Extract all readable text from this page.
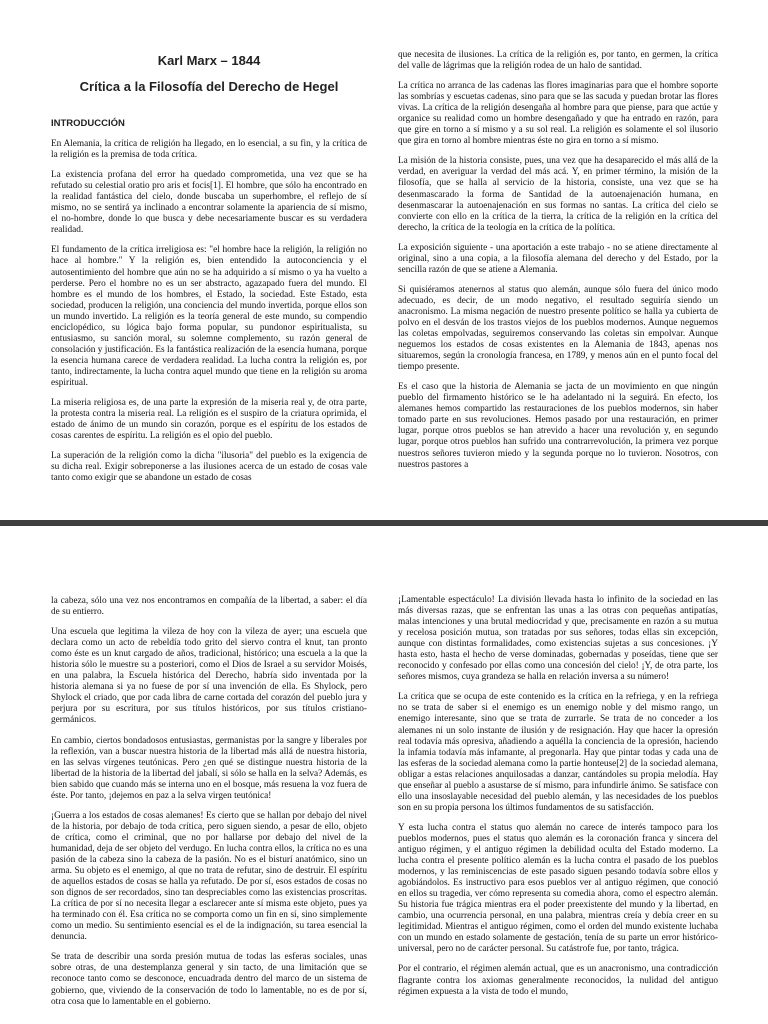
Karl Marx – 1844
Crítica a la Filosofía del Derecho de Hegel
INTRODUCCIÓN

En Alemania, la crítica de religión ha llegado, en lo esencial, a su fin, y la crítica de la religión es la premisa de toda crítica.

La existencia profana del error ha quedado comprometida, una vez que se ha refutado su celestial oratio pro aris et focis[1]. El hombre, que sólo ha encontrado en la realidad fantástica del cielo, donde buscaba un superhombre, el reflejo de sí mismo, no se sentirá ya inclinado a encontrar solamente la apariencia de sí mismo, el no-hombre, donde lo que busca y debe necesariamente buscar es su verdadera realidad.

El fundamento de la crítica irreligiosa es: "el hombre hace la religión, la religión no hace al hombre." Y la religión es, bien entendido la autoconciencia y el autosentimiento del hombre que aún no se ha adquirido a sí mismo o ya ha vuelto a perderse. Pero el hombre no es un ser abstracto, agazapado fuera del mundo. El hombre es el mundo de los hombres, el Estado, la sociedad. Este Estado, esta sociedad, producen la religión, una conciencia del mundo invertida, porque ellos son un mundo invertido. La religión es la teoría general de este mundo, su compendio enciclopédico, su lógica bajo forma popular, su pundonor espiritualista, su entusiasmo, su sanción moral, su solemne complemento, su razón general de consolación y justificación. Es la fantástica realización de la esencia humana, porque la esencia humana carece de verdadera realidad. La lucha contra la religión es, por tanto, indirectamente, la lucha contra aquel mundo que tiene en la religión su aroma espiritual.

La miseria religiosa es, de una parte la expresión de la miseria real y, de otra parte, la protesta contra la miseria real. La religión es el suspiro de la criatura oprimida, el estado de ánimo de un mundo sin corazón, porque es el espíritu de los estados de cosas carentes de espíritu. La religión es el opio del pueblo.

La superación de la religión como la dicha "ilusoria" del pueblo es la exigencia de su dicha real. Exigir sobreponerse a las ilusiones acerca de un estado de cosas vale tanto como exigir que se abandone un estado de cosas

que necesita de ilusiones. La crítica de la religión es, por tanto, en germen, la crítica del valle de lágrimas que la religión rodea de un halo de santidad.

La crítica no arranca de las cadenas las flores imaginarias para que el hombre soporte las sombrías y escuetas cadenas, sino para que se las sacuda y puedan brotar las flores vivas. La crítica de la religión desengaña al hombre para que piense, para que actúe y organice su realidad como un hombre desengañado y que ha entrado en razón, para que gire en torno a sí mismo y a su sol real. La religión es solamente el sol ilusorio que gira en torno al hombre mientras éste no gira en torno a sí mismo.

La misión de la historia consiste, pues, una vez que ha desaparecido el más allá de la verdad, en averiguar la verdad del más acá. Y, en primer término, la misión de la filosofía, que se halla al servicio de la historia, consiste, una vez que se ha desenmascarado la forma de Santidad de la autoenajenación humana, en desenmascarar la autoenajenación en sus formas no santas. La crítica del cielo se convierte con ello en la crítica de la tierra, la crítica de la religión en la crítica del derecho, la crítica de la teología en la crítica de la política.

La exposición siguiente - una aportación a este trabajo - no se atiene directamente al original, sino a una copia, a la filosofía alemana del derecho y del Estado, por la sencilla razón de que se atiene a Alemania.

Si quisiéramos atenernos al status quo alemán, aunque sólo fuera del único modo adecuado, es decir, de un modo negativo, el resultado seguiría siendo un anacronismo. La misma negación de nuestro presente político se halla ya cubierta de polvo en el desván de los trastos viejos de los pueblos modernos. Aunque neguemos las coletas empolvadas, seguiremos conservando las coletas sin empolvar. Aunque neguemos los estados de cosas existentes en la Alemania de 1843, apenas nos situaremos, según la cronología francesa, en 1789, y menos aún en el punto focal del tiempo presente.

Es el caso que la historia de Alemania se jacta de un movimiento en que ningún pueblo del firmamento histórico se le ha adelantado ni la seguirá. En efecto, los alemanes hemos compartido las restauraciones de los pueblos modernos, sin haber tomado parte en sus revoluciones. Hemos pasado por una restauración, en primer lugar, porque otros pueblos se han atrevido a hacer una revolución y, en segundo lugar, porque otros pueblos han sufrido una contrarrevolución, la primera vez porque nuestros señores tuvieron miedo y la segunda porque no lo tuvieron. Nosotros, con nuestros pastores a

la cabeza, sólo una vez nos encontramos en compañía de la libertad, a saber: el día de su entierro.

Una escuela que legitima la vileza de hoy con la vileza de ayer; una escuela que declara como un acto de rebeldía todo grito del siervo contra el knut, tan pronto como éste es un knut cargado de años, tradicional, histórico; una escuela a la que la historia sólo le muestre su a posteriori, como el Dios de Israel a su servidor Moisés, en una palabra, la Escuela histórica del Derecho, habría sido inventada por la historia alemana si ya no fuese de por sí una invención de ella. Es Shylock, pero Shylock el criado, que por cada libra de carne cortada del corazón del pueblo jura y perjura por su escritura, por sus títulos históricos, por sus títulos cristiano-germánicos.

En cambio, ciertos bondadosos entusiastas, germanistas por la sangre y liberales por la reflexión, van a buscar nuestra historia de la libertad más allá de nuestra historia, en las selvas vírgenes teutónicas. Pero ¿en qué se distingue nuestra historia de la libertad de la historia de la libertad del jabalí, si sólo se halla en la selva? Además, es bien sabido que cuando más se interna uno en el bosque, más resuena la voz fuera de éste. Por tanto, ¡dejemos en paz a la selva virgen teutónica!

¡Guerra a los estados de cosas alemanes! Es cierto que se hallan por debajo del nivel de la historia, por debajo de toda crítica, pero siguen siendo, a pesar de ello, objeto de crítica, como el criminal, que no por hallarse por debajo del nivel de la humanidad, deja de ser objeto del verdugo. En lucha contra ellos, la crítica no es una pasión de la cabeza sino la cabeza de la pasión. No es el bisturí anatómico, sino un arma. Su objeto es el enemigo, al que no trata de refutar, sino de destruir. El espíritu de aquellos estados de cosas se halla ya refutado. De por sí, esos estados de cosas no son dignos de ser recordados, sino tan despreciables como las existencias proscritas. La crítica de por sí no necesita llegar a esclarecer ante sí misma este objeto, pues ya ha terminado con él. Esa crítica no se comporta como un fin en sí, sino simplemente como un medio. Su sentimiento esencial es el de la indignación, su tarea esencial la denuncia.

Se trata de describir una sorda presión mutua de todas las esferas sociales, unas sobre otras, de una destemplanza general y sin tacto, de una limitación que se reconoce tanto como se desconoce, encuadrada dentro del marco de un sistema de gobierno, que, viviendo de la conservación de todo lo lamentable, no es de por sí, otra cosa que lo lamentable en el gobierno.

¡Lamentable espectáculo! La división llevada hasta lo infinito de la sociedad en las más diversas razas, que se enfrentan las unas a las otras con pequeñas antipatías, malas intenciones y una brutal mediocridad y que, precisamente en razón a su mutua y recelosa posición mutua, son tratadas por sus señores, todas ellas sin excepción, aunque con distintas formalidades, como existencias sujetas a sus concesiones. ¡Y hasta esto, hasta el hecho de verse dominadas, gobernadas y poseídas, tiene que ser reconocido y confesado por ellas como una concesión del cielo! ¡Y, de otra parte, los señores mismos, cuya grandeza se halla en relación inversa a su número!

La crítica que se ocupa de este contenido es la crítica en la refriega, y en la refriega no se trata de saber si el enemigo es un enemigo noble y del mismo rango, un enemigo interesante, sino que se trata de zurrarle. Se trata de no conceder a los alemanes ni un solo instante de ilusión y de resignación. Hay que hacer la opresión real todavía más opresiva, añadiendo a aquélla la conciencia de la opresión, haciendo la infamia todavía más infamante, al pregonarla. Hay que pintar todas y cada una de las esferas de la sociedad alemana como la partie honteuse[2] de la sociedad alemana, obligar a estas relaciones anquilosadas a danzar, cantándoles su propia melodía. Hay que enseñar al pueblo a asustarse de sí mismo, para infundirle ánimo. Se satisface con ello una insoslayable necesidad del pueblo alemán, y las necesidades de los pueblos son en su propia persona los últimos fundamentos de su satisfacción.

Y esta lucha contra el status quo alemán no carece de interés tampoco para los pueblos modernos, pues el status quo alemán es la coronación franca y sincera del antiguo régimen, y el antiguo régimen la debilidad oculta del Estado moderno. La lucha contra el presente político alemán es la lucha contra el pasado de los pueblos modernos, y las reminiscencias de este pasado siguen pesando todavía sobre ellos y agobiándolos. Es instructivo para esos pueblos ver al antiguo régimen, que conoció en ellos su tragedia, ver cómo representa su comedia ahora, como el espectro alemán. Su historia fue trágica mientras era el poder preexistente del mundo y la libertad, en cambio, una ocurrencia personal, en una palabra, mientras creía y debía creer en su legitimidad. Mientras el antiguo régimen, como el orden del mundo existente luchaba con un mundo en estado solamente de gestación, tenía de su parte un error histórico-universal, pero no de carácter personal. Su catástrofe fue, por tanto, trágica.

Por el contrario, el régimen alemán actual, que es un anacronismo, una contradicción flagrante contra los axiomas generalmente reconocidos, la nulidad del antiguo régimen expuesta a la vista de todo el mundo,
